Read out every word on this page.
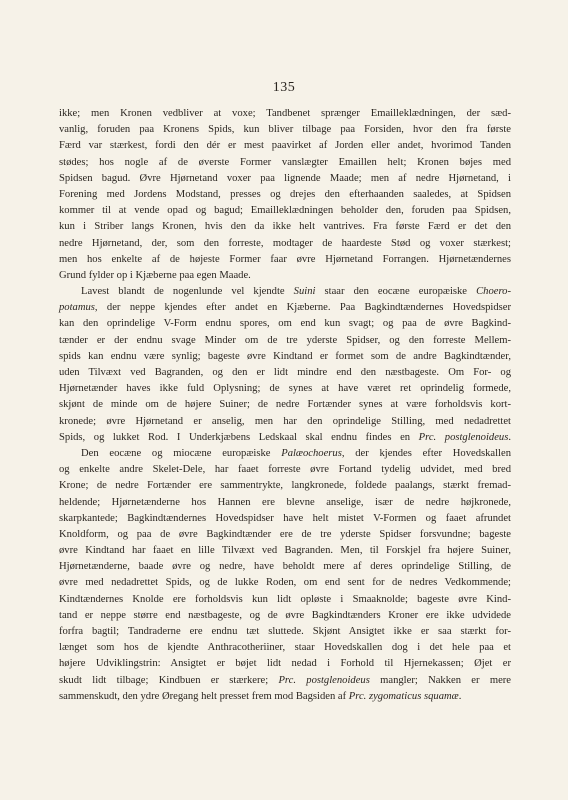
135
ikke; men Kronen vedbliver at voxe; Tandbenet sprænger Emailleklædningen, der sæd-
vanlig, foruden paa Kronens Spids, kun bliver tilbage paa Forsiden, hvor den fra første
Færd var stærkest, fordi den dér er mest paavirket af Jorden eller andet, hvorimod Tanden
stødes; hos nogle af de øverste Former vanslægter Emaillen helt; Kronen bøjes med
Spidsen bagud. Øvre Hjørnetand voxer paa lignende Maade; men af nedre Hjørnetand, i
Forening med Jordens Modstand, presses og drejes den efterhaanden saaledes, at Spidsen
kommer til at vende opad og bagud; Emailleklædningen beholder den, foruden paa Spidsen,
kun i Striber langs Kronen, hvis den da ikke helt vantrives. Fra første Færd er det den
nedre Hjørnetand, der, som den forreste, modtager de haardeste Stød og voxer stærkest;
men hos enkelte af de højeste Former faar øvre Hjørnetand Forrangen. Hjørnetændernes
Grund fylder op i Kjæberne paa egen Maade.
Lavest blandt de nogenlunde vel kjendte Suini staar den eocæne europæiske Choero-
potamus, der neppe kjendes efter andet en Kjæberne. Paa Bagkindtændernes Hovedspidser
kan den oprindelige V-Form endnu spores, om end kun svagt; og paa de øvre Bagkind-
tænder er der endnu svage Minder om de tre yderste Spidser, og den forreste Mellem-
spids kan endnu være synlig; bageste øvre Kindtand er formet som de andre Bagkindtænder,
uden Tilvæxt ved Bagranden, og den er lidt mindre end den næstbageste. Om For- og
Hjørnetænder haves ikke fuld Oplysning; de synes at have været ret oprindelig formede,
skjønt de minde om de højere Suiner; de nedre Fortænder synes at være forholdsvis kort-
kronede; øvre Hjørnetand er anselig, men har den oprindelige Stilling, med nedadrettet
Spids, og lukket Rod. I Underkjæbens Ledskaal skal endnu findes en Prc. postglenoideus.
Den eocæne og miocæne europæiske Palæochoerus, der kjendes efter Hovedskallen
og enkelte andre Skelet-Dele, har faaet forreste øvre Fortand tydelig udvidet, med bred
Krone; de nedre Fortænder ere sammentrykte, langkronede, foldede paalangs, stærkt fremad-
heldende; Hjørnetænderne hos Hannen ere blevne anselige, især de nedre højkronede,
skarpkantede; Bagkindtændernes Hovedspidser have helt mistet V-Formen og faaet afrundet
Knoldform, og paa de øvre Bagkindtænder ere de tre yderste Spidser forsvundne; bageste
øvre Kindtand har faaet en lille Tilvæxt ved Bagranden. Men, til Forskjel fra højere Suiner,
Hjørnetænderne, baade øvre og nedre, have beholdt mere af deres oprindelige Stilling, de
øvre med nedadrettet Spids, og de lukke Roden, om end sent for de nedres Vedkommende;
Kindtændernes Knolde ere forholdsvis kun lidt opløste i Smaaknolde; bageste øvre Kind-
tand er neppe større end næstbageste, og de øvre Bagkindtænders Kroner ere ikke udvidede
forfra bagtil; Tandraderne ere endnu tæt sluttede. Skjønt Ansigtet ikke er saa stærkt for-
længet som hos de kjendte Anthracotheriiner, staar Hovedskallen dog i det hele paa et
højere Udviklingstrin: Ansigtet er bøjet lidt nedad i Forhold til Hjernekassen; Øjet er
skudt lidt tilbage; Kindbuen er stærkere; Prc. postglenoideus mangler; Nakken er mere
sammenskudt, den ydre Øregang helt presset frem mod Bagsiden af Prc. zygomaticus squamæ.
